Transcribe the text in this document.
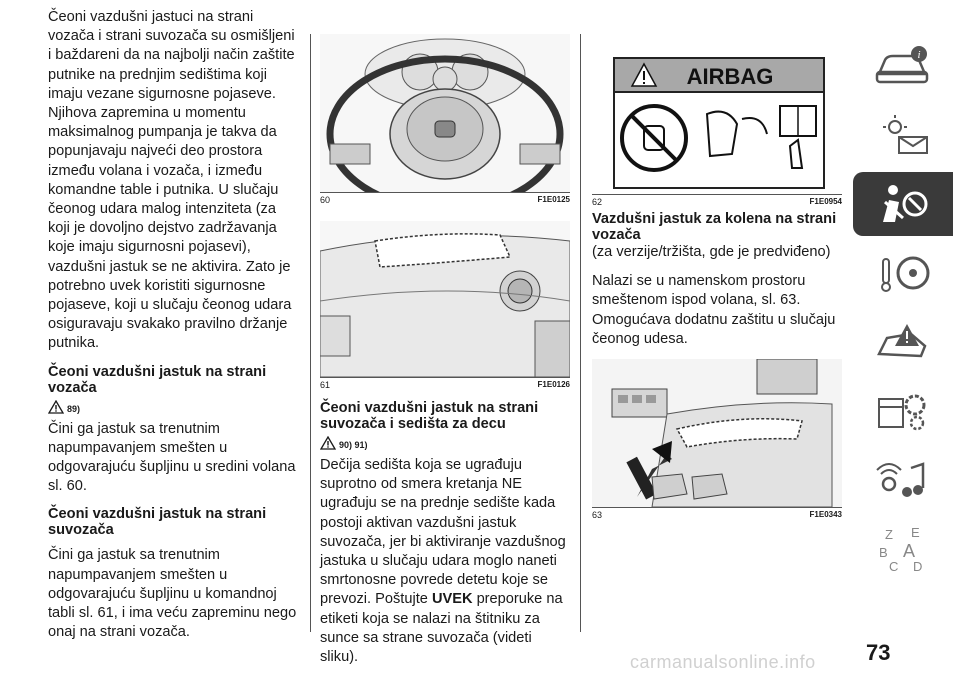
Čeoni vazdušni jastuci na strani vozača i strani suvozača su osmišljeni i baždareni da na najbolji način zaštite putnike na prednjim sedištima koji imaju vezane sigurnosne pojaseve. Njihova zapremina u momentu maksimalnog pumpanja je takva da popunjavaju najveći deo prostora između volana i vozača, i između komandne table i putnika. U slučaju čeonog udara malog intenziteta (za koji je dovoljno dejstvo zadržavanja koje imaju sigurnosni pojasevi), vazdušni jastuk se ne aktivira. Zato je potrebno uvek koristiti sigurnosne pojaseve, koji u slučaju čeonog udara osiguravaju svakako pravilno držanje putnika.

Čeoni vazdušni jastuk na strani vozača
89)

Čini ga jastuk sa trenutnim napumpavanjem smešten u odgovarajuću šupljinu u sredini volana sl. 60.

Čeoni vazdušni jastuk na strani suvozača

Čini ga jastuk sa trenutnim napumpavanjem smešten u odgovarajuću šupljinu u komandnoj tabli sl. 61, i ima veću zapreminu nego onaj na strani vozača.

60	F1E0125
61	F1E0126
Čeoni vazdušni jastuk na strani suvozača i sedišta za decu
90) 91)

Dečija sedišta koja se ugrađuju suprotno od smera kretanja NE ugrađuju se na prednje sedište kada postoji aktivan vazdušni jastuk suvozača, jer bi aktiviranje vazdušnog jastuka u slučaju udara moglo naneti smrtonosne povrede detetu koje se prevozi. Poštujte UVEK preporuke na etiketi koja se nalazi na štitniku za sunce sa strane suvozača (videti sliku).

AIRBAG
62	F1E0954
Vazdušni jastuk za kolena na strani vozača

(za verzije/tržišta, gde je predviđeno)

Nalazi se u namenskom prostoru smeštenom ispod volana, sl. 63. Omogućava dodatnu zaštitu u slučaju čeonog udesa.

63	F1E0343
i
Z E
B A
C D
73
carmanualsonline.info
